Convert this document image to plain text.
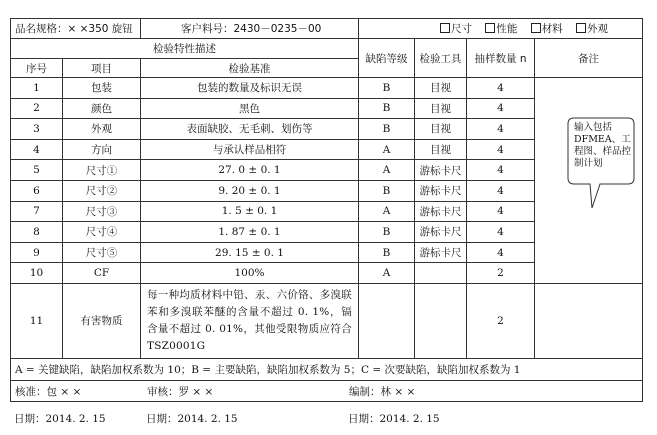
品名规格：× ×350 旋钮		客户料号：2430－0235－00	尺寸 性能 材料 外观			
检验特性描述			缺陷等级	检验工具	抽样数量 n	备注
序号	项目	检验基准				
1	包装	包装的数量及标识无误	B	目视	4	
2	颜色	黑色	B	目视	4	
3	外观	表面缺胶、无毛刺、划伤等	B	目视	4	
4	方向	与承认样品相符	A	目视	4	
5	尺寸①	27. 0 ± 0. 1	A	游标卡尺	4	
6	尺寸②	9. 20 ± 0. 1	B	游标卡尺	4	
7	尺寸③	1. 5 ± 0. 1	A	游标卡尺	4	
8	尺寸④	1. 87 ± 0. 1	B	游标卡尺	4	
9	尺寸⑤	29. 15 ± 0. 1	B	游标卡尺	4	
10	CF	100%	A		2	
11	有害物质	每一种均质材料中铅、汞、六价铬、多溴联苯和多溴联苯醚的含量不超过 0. 1%，镉含量不超过 0. 01%，其他受限物质应符合 TSZ0001G			2	
A = 关键缺陷，缺陷加权系数为 10；B = 主要缺陷，缺陷加权系数为 5；C = 次要缺陷，缺陷加权系数为 1						

核准：包 × × 审核：罗 × × 编制：林 × ×						
日期：2014. 2. 15	日期：2014. 2. 15	日期：2014. 2. 15
输入包括 DFMEA、工程图、样品控制计划
